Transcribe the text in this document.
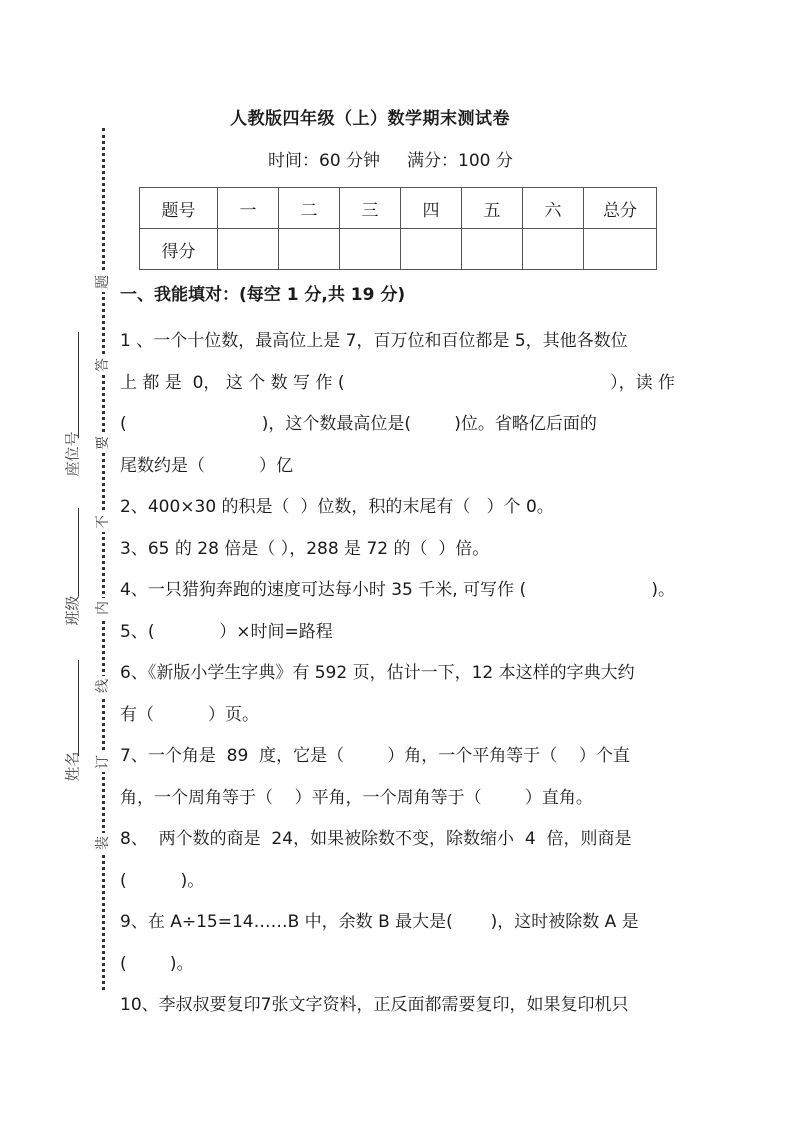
人教版四年级（上）数学期末测试卷
时间：60 分钟     满分：100 分
题号	一	二	三	四	五	六	总分
得分							
题
答
要
不
内
线
订
装
座位号
班级
姓名
一、我能填对：(每空 1 分,共 19 分)
1 、一个十位数，最高位上是 7，百万位和百位都是 5，其他各数位
上 都 是  0， 这 个 数 写 作 (	），读 作
(                         )，这个数最高位是(        )位。省略亿后面的
尾数约是（          ）亿
2、400×30 的积是（  ）位数，积的末尾有（   ）个 0。
3、65 的 28 倍是（ ），288 是 72 的（  ）倍。
4、一只猎狗奔跑的速度可达每小时 35 千米, 可写作 (	)。
5、(            ）×时间=路程
6、《新版小学生字典》有 592 页，估计一下，12 本这样的字典大约
有（          ）页。
7、一个角是  89  度，它是（        ）角，一个平角等于（    ）个直
角，一个周角等于（    ）平角，一个周角等于（        ）直角。
8、  两个数的商是  24，如果被除数不变，除数缩小  4  倍，则商是
(          )。
9、在 A÷15=14……B 中，余数 B 最大是(       )，这时被除数 A 是
(        )。
10、李叔叔要复印7张文字资料，正反面都需要复印，如果复印机只
